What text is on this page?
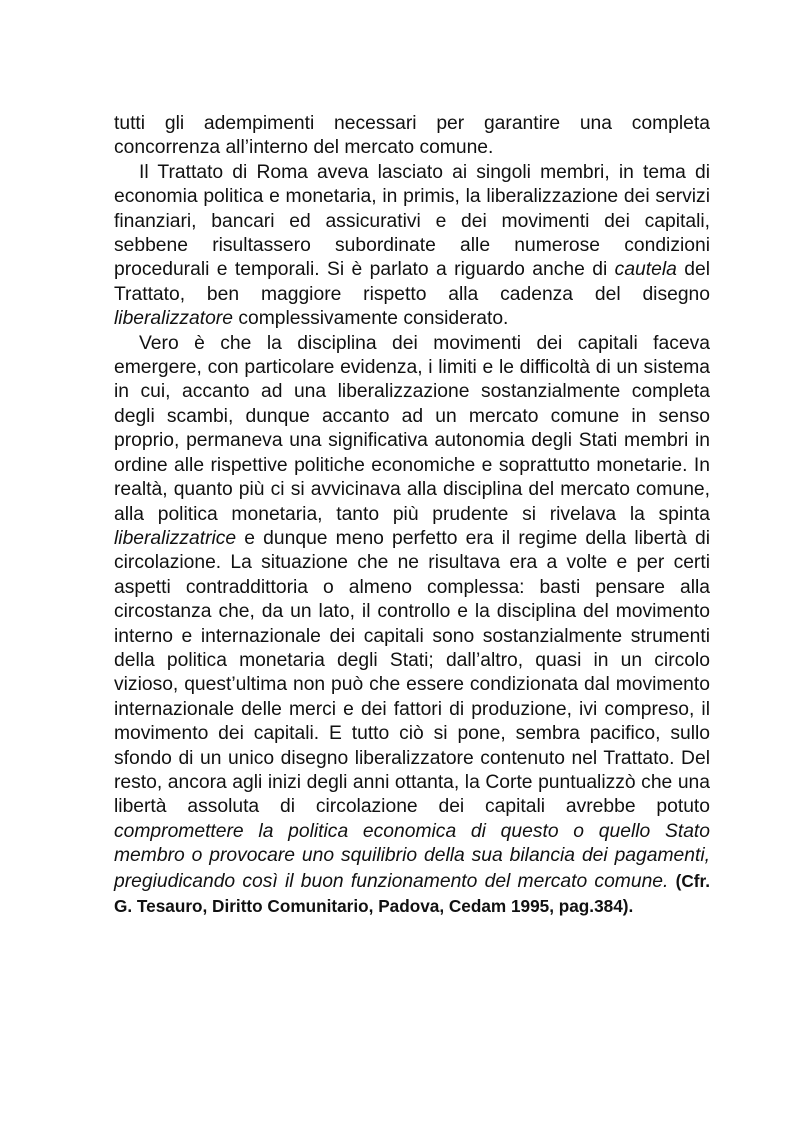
tutti gli adempimenti necessari per garantire una completa concorrenza all’interno del mercato comune.

Il Trattato di Roma aveva lasciato ai singoli membri, in tema di economia politica e monetaria, in primis, la liberalizzazione dei servizi finanziari, bancari ed assicurativi e dei movimenti dei capitali, sebbene risultassero subordinate alle numerose condizioni procedurali e temporali. Si è parlato a riguardo anche di cautela del Trattato, ben maggiore rispetto alla cadenza del disegno liberalizzatore complessivamente considerato.

Vero è che la disciplina dei movimenti dei capitali faceva emergere, con particolare evidenza, i limiti e le difficoltà di un sistema in cui, accanto ad una liberalizzazione sostanzialmente completa degli scambi, dunque accanto ad un mercato comune in senso proprio, permaneva una significativa autonomia degli Stati membri in ordine alle rispettive politiche economiche e soprattutto monetarie. In realtà, quanto più ci si avvicinava alla disciplina del mercato comune, alla politica monetaria, tanto più prudente si rivelava la spinta liberalizzatrice e dunque meno perfetto era il regime della libertà di circolazione. La situazione che ne risultava era a volte e per certi aspetti contraddittoria o almeno complessa: basti pensare alla circostanza che, da un lato, il controllo e la disciplina del movimento interno e internazionale dei capitali sono sostanzialmente strumenti della politica monetaria degli Stati; dall’altro, quasi in un circolo vizioso, quest’ultima non può che essere condizionata dal movimento internazionale delle merci e dei fattori di produzione, ivi compreso, il movimento dei capitali. E tutto ciò si pone, sembra pacifico, sullo sfondo di un unico disegno liberalizzatore contenuto nel Trattato. Del resto, ancora agli inizi degli anni ottanta, la Corte puntualizzò che una libertà assoluta di circolazione dei capitali avrebbe potuto compromettere la politica economica di questo o quello Stato membro o provocare uno squilibrio della sua bilancia dei pagamenti, pregiudicando così il buon funzionamento del mercato comune. (Cfr. G. Tesauro, Diritto Comunitario, Padova, Cedam 1995, pag.384).
